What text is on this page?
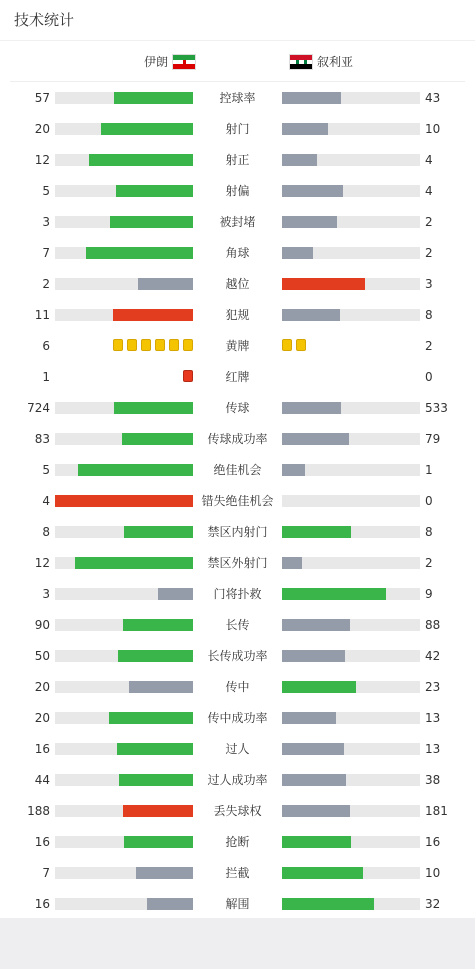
技术统计
伊朗	叙利亚
57	控球率	43
20	射门	10
12	射正	4
5	射偏	4
3	被封堵	2
7	角球	2
2	越位	3
11	犯规	8
6	黄牌	2
1	红牌	0
724	传球	533
83	传球成功率	79
5	绝佳机会	1
4	错失绝佳机会	0
8	禁区内射门	8
12	禁区外射门	2
3	门将扑救	9
90	长传	88
50	长传成功率	42
20	传中	23
20	传中成功率	13
16	过人	13
44	过人成功率	38
188	丢失球权	181
16	抢断	16
7	拦截	10
16	解围	32
